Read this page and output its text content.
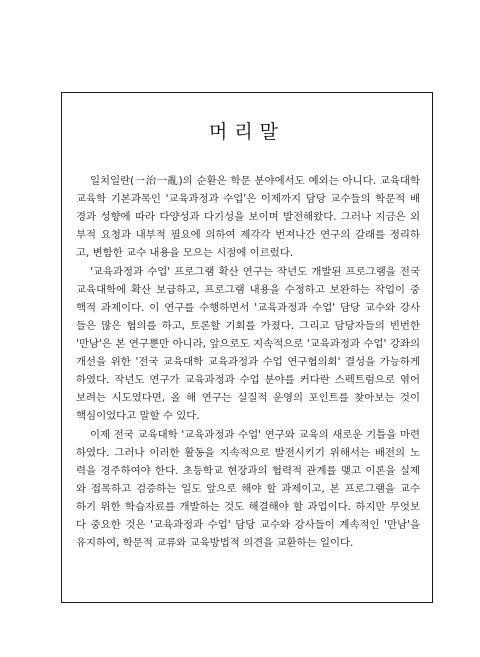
머리말

일치일란(一治一亂)의 순환은 학문 분야에서도 예외는 아니다. 교육대학
교육학 기본과목인 '교육과정과 수업'은 이제까지 담당 교수들의 학문적 배
경과 성향에 따라 다양성과 다기성을 보이며 발전해왔다. 그러나 지금은 외
부적 요청과 내부적 필요에 의하여 제각각 번져나간 연구의 갈래를 정리하
고, 변함한 교수 내용을 모으는 시점에 이르렀다.

'교육과정과 수업' 프로그램 확산 연구는 작년도 개발된 프로그램을 전국
교육대학에 확산 보급하고, 프로그램 내용을 수정하고 보완하는 작업이 중
핵적 과제이다. 이 연구를 수행하면서 '교육과정과 수업' 담당 교수와 강사
들은 많은 협의를 하고, 토론할 기회를 가졌다. 그리고 담당자들의 빈번한
'만남'은 본 연구뿐만 아니라, 앞으로도 지속적으로 '교육과정과 수업' 강좌의
개선을 위한 '전국 교육대학 교육과정과 수업 연구협의회' 결성을 가능하게
하였다. 작년도 연구가 교육과정과 수업 분야를 커다란 스펙트럼으로 엮어
보려는 시도였다면, 올 해 연구는 실질적 운영의 포인트를 찾아보는 것이
핵심이었다고 말할 수 있다.

이제 전국 교육대학 '교육과정과 수업' 연구와 교육의 새로운 기틀을 마련
하였다. 그러나 이러한 활동을 지속적으로 발전시키기 위해서는 배전의 노
력을 경주하여야 한다. 초등학교 현장과의 협력적 관계를 맺고 이론을 실제
와 접목하고 검증하는 일도 앞으로 해야 할 과제이고, 본 프로그램을 교수
하기 위한 학습자료를 개발하는 것도 해결해야 할 과업이다. 하지만 무엇보
다 중요한 것은 '교육과정과 수업' 담당 교수와 강사들이 계속적인 '만남'을
유지하여, 학문적 교류와 교육방법적 의견을 교환하는 일이다.
